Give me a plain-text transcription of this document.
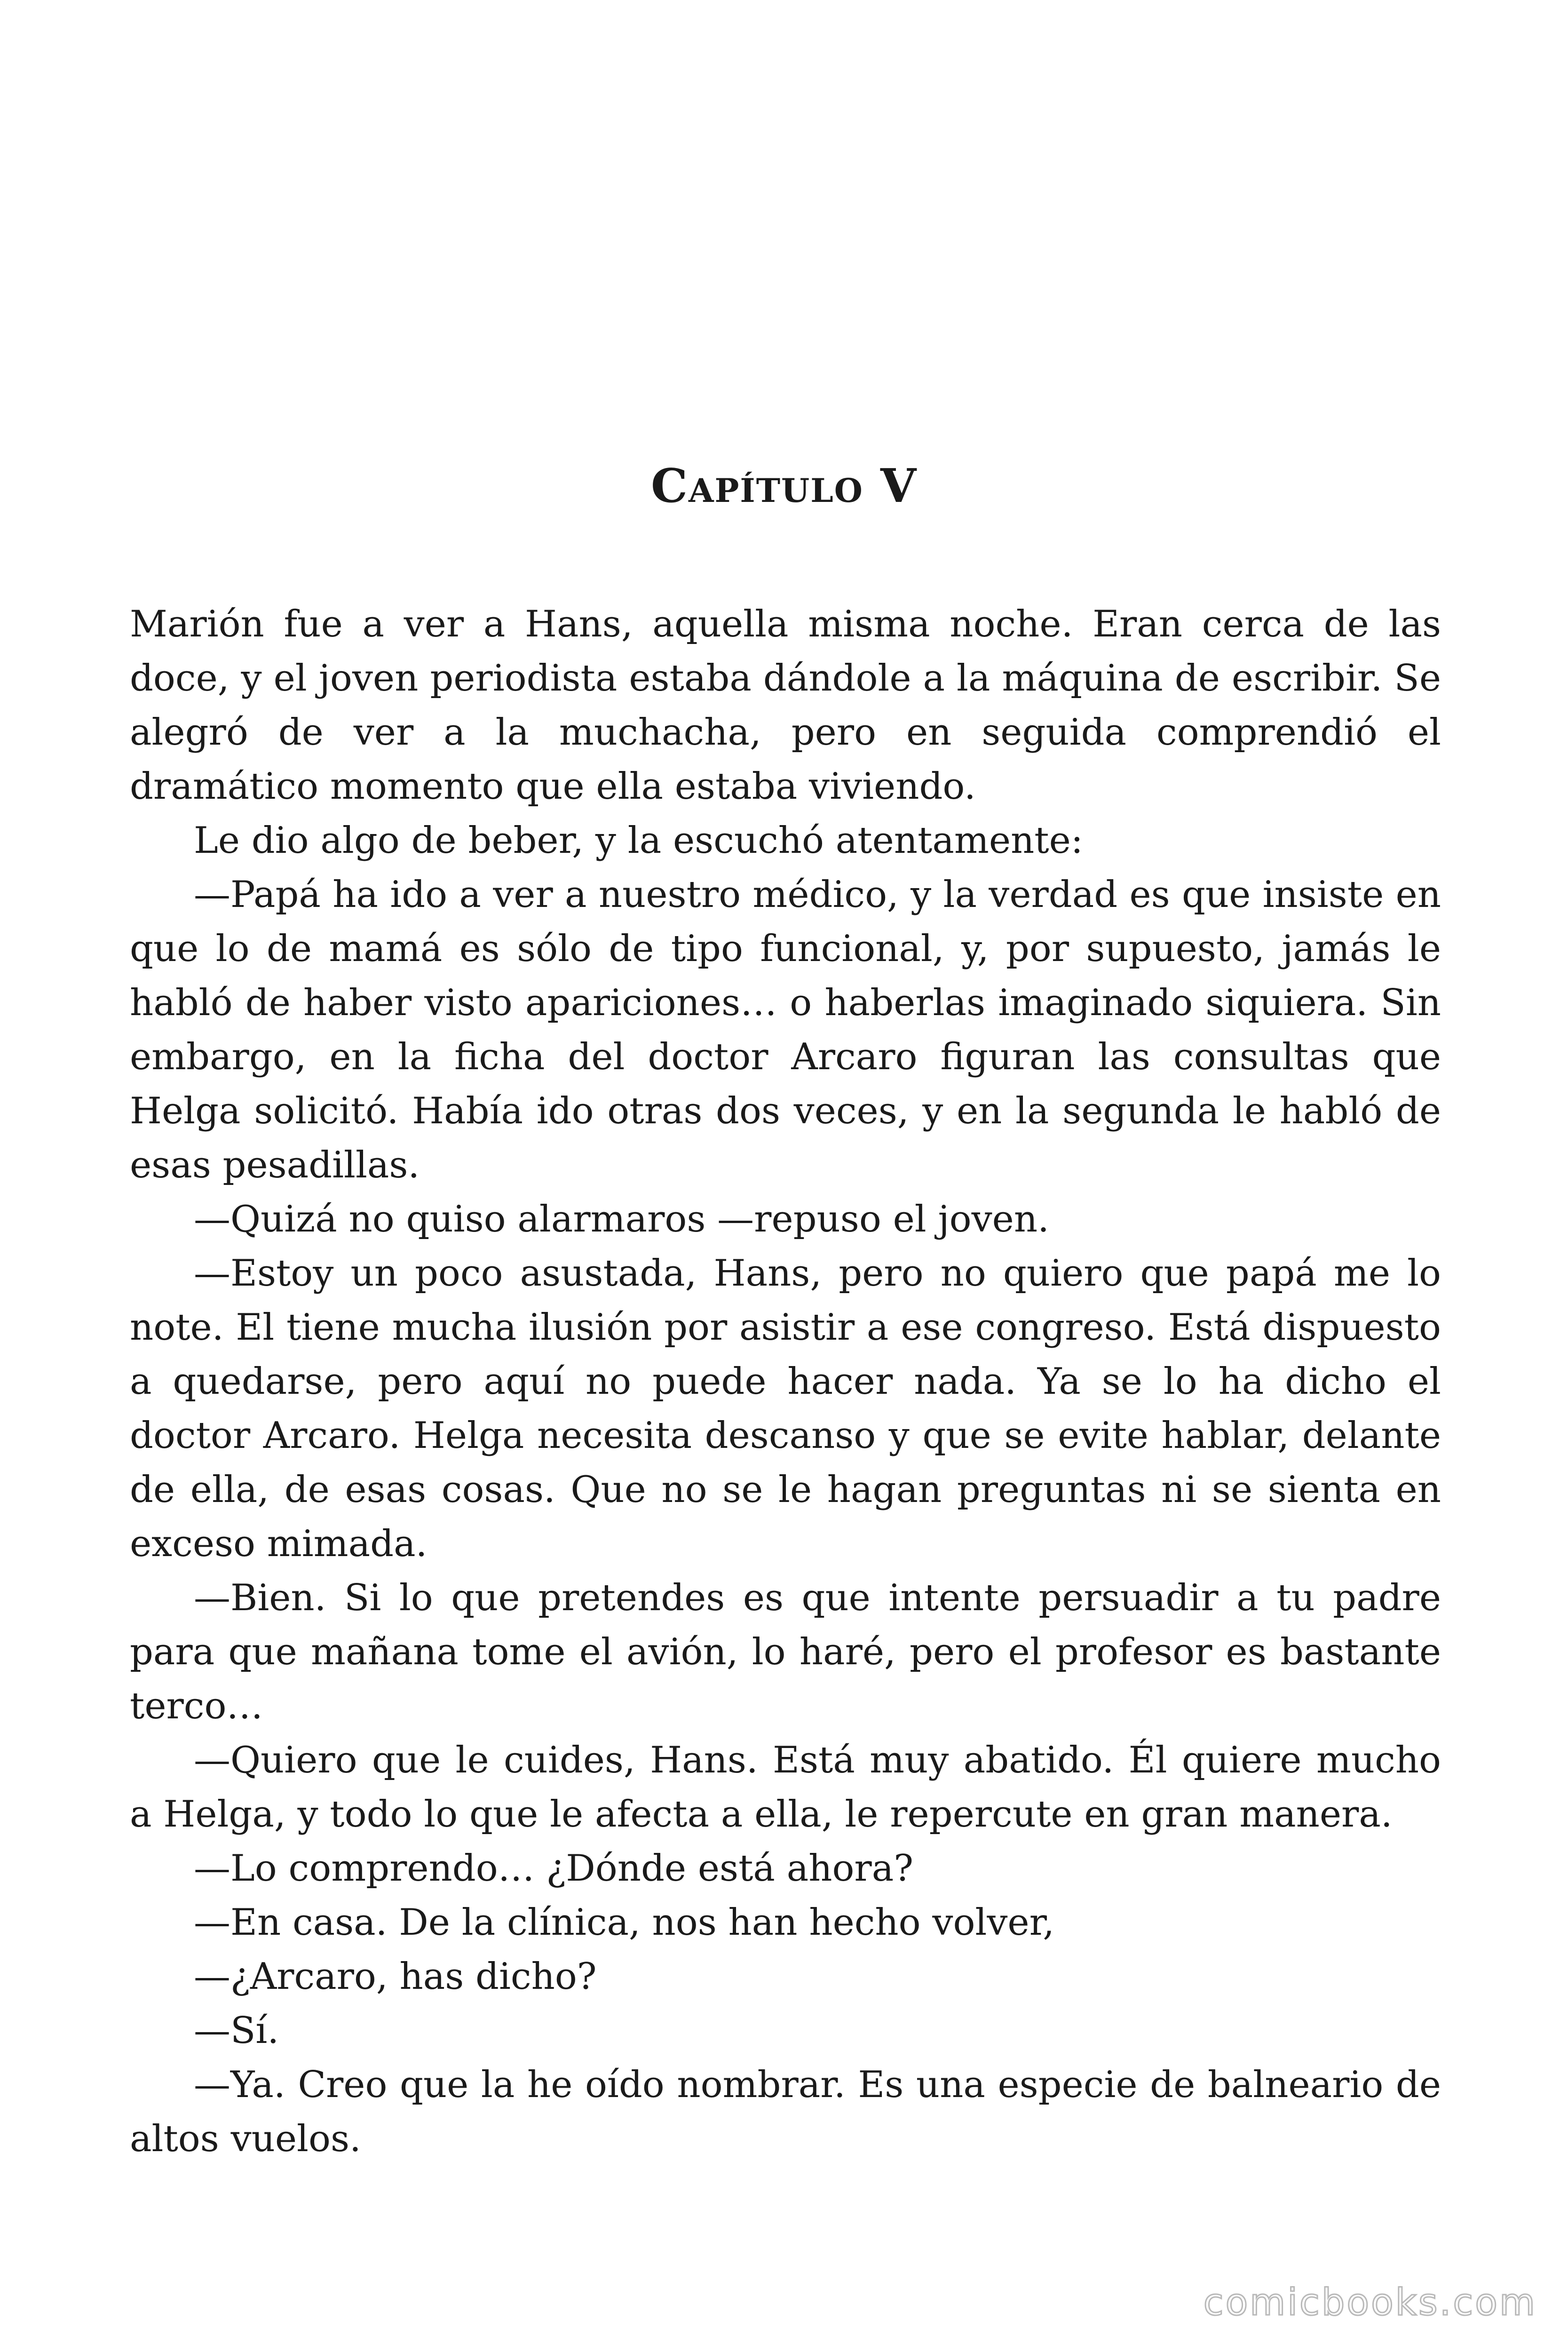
Capítulo V

Marión fue a ver a Hans, aquella misma noche. Eran cerca de las doce, y el joven periodista estaba dándole a la máquina de escribir. Se alegró de ver a la muchacha, pero en seguida comprendió el dramático momento que ella estaba viviendo.

Le dio algo de beber, y la escuchó atentamente:

—Papá ha ido a ver a nuestro médico, y la verdad es que insiste en que lo de mamá es sólo de tipo funcional, y, por supuesto, jamás le habló de haber visto apariciones… o haberlas imaginado siquiera. Sin embargo, en la ficha del doctor Arcaro figuran las consultas que Helga solicitó. Había ido otras dos veces, y en la segunda le habló de esas pesadillas.

—Quizá no quiso alarmaros —repuso el joven.

—Estoy un poco asustada, Hans, pero no quiero que papá me lo note. El tiene mucha ilusión por asistir a ese congreso. Está dispuesto a quedarse, pero aquí no puede hacer nada. Ya se lo ha dicho el doctor Arcaro. Helga necesita descanso y que se evite hablar, delante de ella, de esas cosas. Que no se le hagan preguntas ni se sienta en exceso mimada.

—Bien. Si lo que pretendes es que intente persuadir a tu padre para que mañana tome el avión, lo haré, pero el profesor es bastante terco…

—Quiero que le cuides, Hans. Está muy abatido. Él quiere mucho a Helga, y todo lo que le afecta a ella, le repercute en gran manera.

—Lo comprendo… ¿Dónde está ahora?

—En casa. De la clínica, nos han hecho volver,

—¿Arcaro, has dicho?

—Sí.

—Ya. Creo que la he oído nombrar. Es una especie de balneario de altos vuelos.

comicbooks.com
